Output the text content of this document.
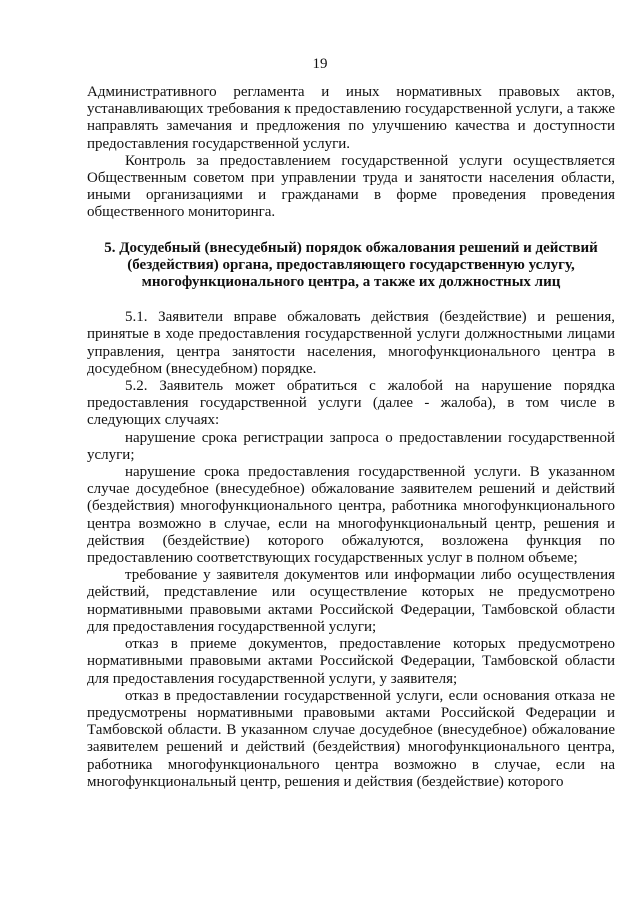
19

Административного регламента и иных нормативных правовых актов, устанавливающих требования к предоставлению государственной услуги, а также направлять замечания и предложения по улучшению качества и доступности предоставления государственной услуги.

Контроль за предоставлением государственной услуги осуществляется Общественным советом при управлении труда и занятости населения области, иными организациями и гражданами в форме проведения проведения общественного мониторинга.

5. Досудебный (внесудебный) порядок обжалования решений и действий (бездействия) органа, предоставляющего государственную услугу, многофункционального центра, а также их должностных лиц

5.1. Заявители вправе обжаловать действия (бездействие) и решения, принятые в ходе предоставления государственной услуги должностными лицами управления, центра занятости населения, многофункционального центра в досудебном (внесудебном) порядке.

5.2. Заявитель может обратиться с жалобой на нарушение порядка предоставления государственной услуги (далее - жалоба), в том числе в следующих случаях:

нарушение срока регистрации запроса о предоставлении государственной услуги;

нарушение срока предоставления государственной услуги. В указанном случае досудебное (внесудебное) обжалование заявителем решений и действий (бездействия) многофункционального центра, работника многофункционального центра возможно в случае, если на многофункциональный центр, решения и действия (бездействие) которого обжалуются, возложена функция по предоставлению соответствующих государственных услуг в полном объеме;

требование у заявителя документов или информации либо осуществления действий, представление или осуществление которых не предусмотрено нормативными правовыми актами Российской Федерации, Тамбовской области для предоставления государственной услуги;

отказ в приеме документов, предоставление которых предусмотрено нормативными правовыми актами Российской Федерации, Тамбовской области для предоставления государственной услуги, у заявителя;

отказ в предоставлении государственной услуги, если основания отказа не предусмотрены нормативными правовыми актами Российской Федерации и Тамбовской области. В указанном случае досудебное (внесудебное) обжалование заявителем решений и действий (бездействия) многофункционального центра, работника многофункционального центра возможно в случае, если на многофункциональный центр, решения и действия (бездействие) которого
